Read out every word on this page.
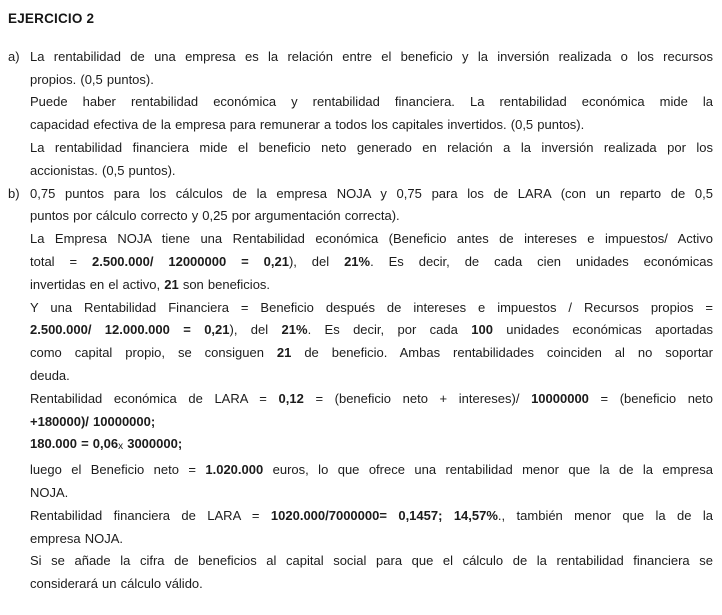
EJERCICIO 2
a) La rentabilidad de una empresa es la relación entre el beneficio y la inversión realizada o los recursos
propios. (0,5 puntos).
Puede haber rentabilidad económica y rentabilidad financiera. La rentabilidad económica mide la
capacidad efectiva de la empresa para remunerar a todos los capitales invertidos. (0,5 puntos).
La rentabilidad financiera mide el beneficio neto generado en relación a la inversión realizada por los
accionistas. (0,5 puntos).
b) 0,75 puntos para los cálculos de la empresa NOJA y 0,75 para los de LARA (con un reparto de 0,5
puntos por cálculo correcto y 0,25 por argumentación correcta).
La Empresa NOJA tiene una Rentabilidad económica (Beneficio antes de intereses e impuestos/ Activo
total = 2.500.000/ 12000000 = 0,21), del 21%. Es decir, de cada cien unidades económicas
invertidas en el activo, 21 son beneficios.
Y una Rentabilidad Financiera = Beneficio después de intereses e impuestos / Recursos propios =
2.500.000/ 12.000.000 = 0,21), del 21%. Es decir, por cada 100 unidades económicas aportadas
como capital propio, se consiguen 21 de beneficio. Ambas rentabilidades coinciden al no soportar
deuda.
Rentabilidad económica de LARA = 0,12 = (beneficio neto + intereses)/ 10000000 = (beneficio neto
+180000)/ 10000000;
180.000 = 0,06x 3000000;
luego el Beneficio neto = 1.020.000 euros, lo que ofrece una rentabilidad menor que la de la empresa
NOJA.
Rentabilidad financiera de LARA = 1020.000/7000000= 0,1457; 14,57%., también menor que la de la
empresa NOJA.
Si se añade la cifra de beneficios al capital social para que el cálculo de la rentabilidad financiera se
considerará un cálculo válido.
